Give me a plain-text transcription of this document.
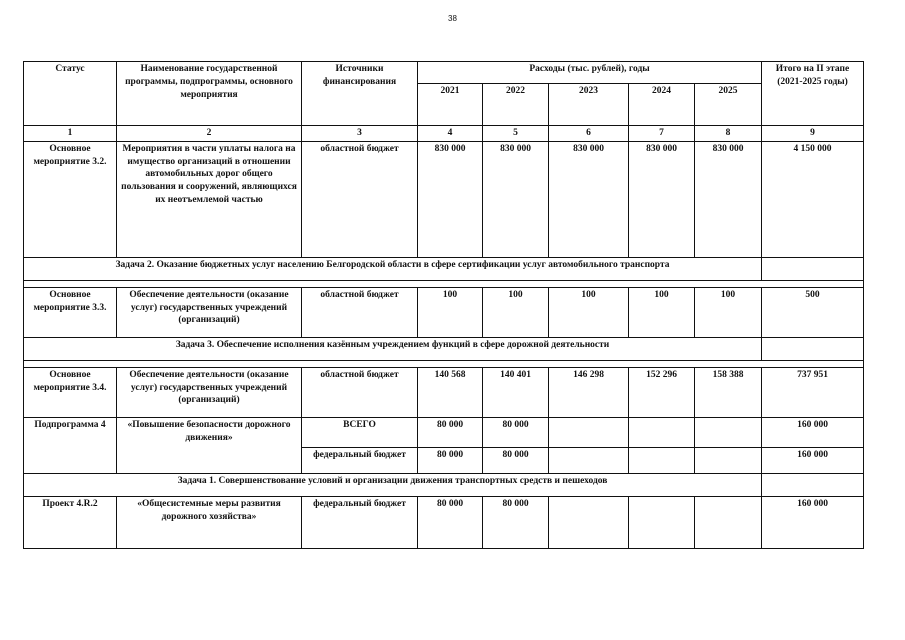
38
Статус	Наименование государственной программы, подпрограммы, основного мероприятия	Источники финансирования	Расходы (тыс. рублей), годы					Итого на II этапе (2021-2025 годы)
			2021	2022	2023	2024	2025	
1	2	3	4	5	6	7	8	9
Основное мероприятие 3.2.	Мероприятия в части уплаты налога на имущество организаций в отношении автомобильных дорог общего пользования и сооружений, являющихся их неотъемлемой частью	областной бюджет	830 000	830 000	830 000	830 000	830 000	4 150 000
Задача 2. Оказание бюджетных услуг населению Белгородской области в сфере сертификации услуг автомобильного транспорта								

Основное мероприятие 3.3.	Обеспечение деятельности (оказание услуг) государственных учреждений (организаций)	областной бюджет	100	100	100	100	100	500
Задача 3. Обеспечение исполнения казённым учреждением функций в сфере дорожной деятельности								

Основное мероприятие 3.4.	Обеспечение деятельности (оказание услуг) государственных учреждений (организаций)	областной бюджет	140 568	140 401	146 298	152 296	158 388	737 951
Подпрограмма 4	«Повышение безопасности дорожного движения»	ВСЕГО	80 000	80 000				160 000
		федеральный бюджет	80 000	80 000				160 000
Задача 1. Совершенствование условий и организации движения транспортных средств и пешеходов								
Проект 4.R.2	«Общесистемные меры развития дорожного хозяйства»	федеральный бюджет	80 000	80 000				160 000
